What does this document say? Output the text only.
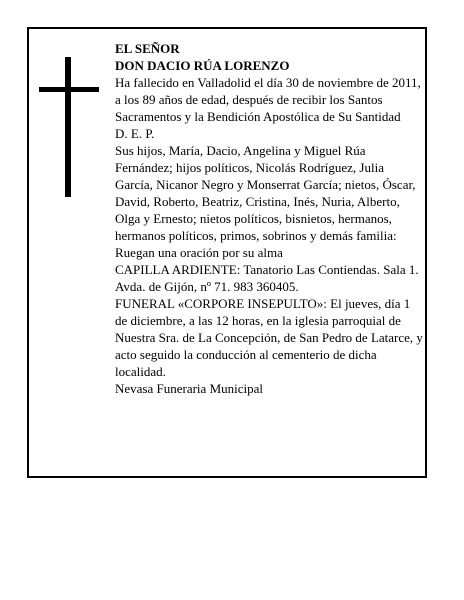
EL SEÑOR

DON DACIO RÚA LORENZO

Ha fallecido en Valladolid el día 30 de noviembre de 2011, a los 89 años de edad, después de recibir los Santos Sacramentos y la Bendición Apostólica de Su Santidad

D. E. P.

Sus hijos, María, Dacio, Angelina y Miguel Rúa Fernández; hijos políticos, Nicolás Rodríguez, Julia García, Nicanor Negro y Monserrat García; nietos, Óscar, David, Roberto, Beatriz, Cristina, Inés, Nuria, Alberto, Olga y Ernesto; nietos políticos, bisnietos, hermanos, hermanos políticos, primos, sobrinos y demás familia:

Ruegan una oración por su alma

CAPILLA ARDIENTE: Tanatorio Las Contiendas. Sala 1. Avda. de Gijón, nº 71. 983 360405.

FUNERAL «CORPORE INSEPULTO»: El jueves, día 1 de diciembre, a las 12 horas, en la iglesia parroquial de Nuestra Sra. de La Concepción, de San Pedro de Latarce, y acto seguido la conducción al cementerio de dicha localidad.

Nevasa Funeraria Municipal
